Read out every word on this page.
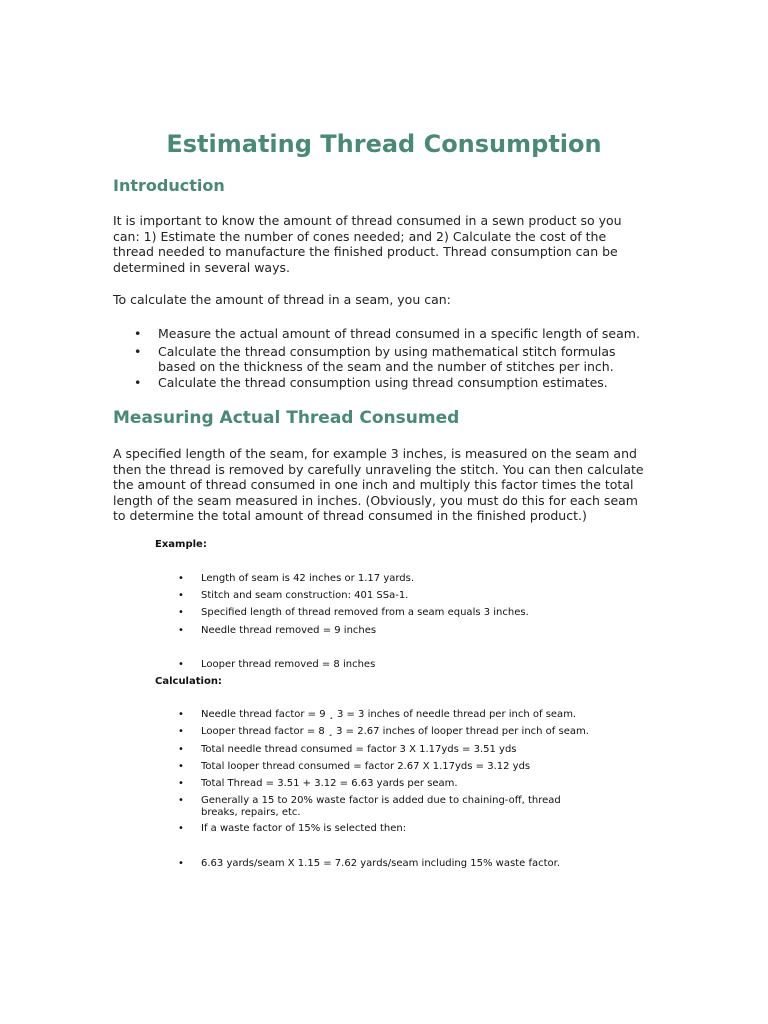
Estimating Thread Consumption
Introduction

It is important to know the amount of thread consumed in a sewn product so you can: 1) Estimate the number of cones needed; and 2) Calculate the cost of the thread needed to manufacture the finished product. Thread consumption can be determined in several ways.

To calculate the amount of thread in a seam, you can:

• Measure the actual amount of thread consumed in a specific length of seam.
• Calculate the thread consumption by using mathematical stitch formulas based on the thickness of the seam and the number of stitches per inch.
• Calculate the thread consumption using thread consumption estimates.
Measuring Actual Thread Consumed

A specified length of the seam, for example 3 inches, is measured on the seam and then the thread is removed by carefully unraveling the stitch. You can then calculate the amount of thread consumed in one inch and multiply this factor times the total length of the seam measured in inches. (Obviously, you must do this for each seam to determine the total amount of thread consumed in the finished product.)

Example:

•	Length of seam is 42 inches or 1.17 yards.
•	Stitch and seam construction: 401 SSa-1.
•	Specified length of thread removed from a seam equals 3 inches.
•	Needle thread removed = 9 inches
•	Looper thread removed = 8 inches

Calculation:

•	Needle thread factor = 9 ¸ 3 = 3 inches of needle thread per inch of seam.
•	Looper thread factor = 8 ¸ 3 = 2.67 inches of looper thread per inch of seam.
•	Total needle thread consumed = factor 3 X 1.17yds = 3.51 yds
•	Total looper thread consumed = factor 2.67 X 1.17yds = 3.12 yds
•	Total Thread = 3.51 + 3.12 = 6.63 yards per seam.
•	Generally a 15 to 20% waste factor is added due to chaining-off, thread breaks, repairs, etc.
•	If a waste factor of 15% is selected then:
•	6.63 yards/seam X 1.15 = 7.62 yards/seam including 15% waste factor.
